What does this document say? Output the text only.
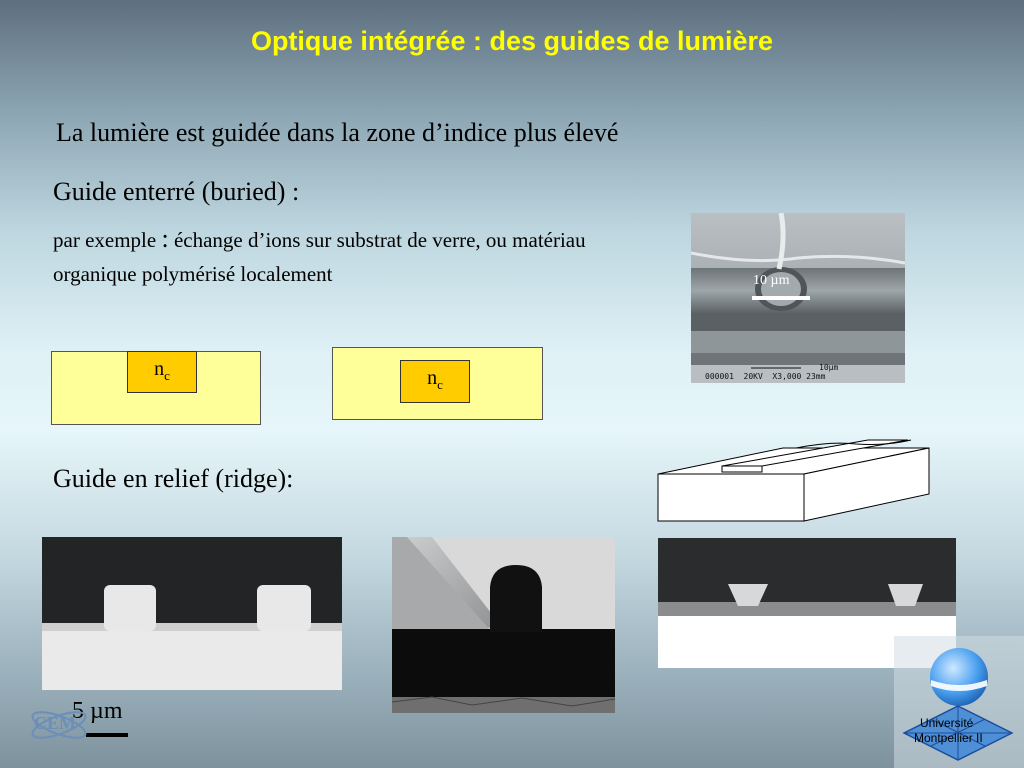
Optique intégrée : des guides de lumière
La lumière est guidée dans la zone d’indice plus élevé
Guide enterré (buried) :
par exemple : échange d’ions sur substrat de verre, ou matériau organique polymérisé localement
$n_c$	$n_c$
10 µm
10µm
000001  20KV  X3,000 23mm
Guide en relief (ridge):
5 µm	Université
Montpellier II
CEM
